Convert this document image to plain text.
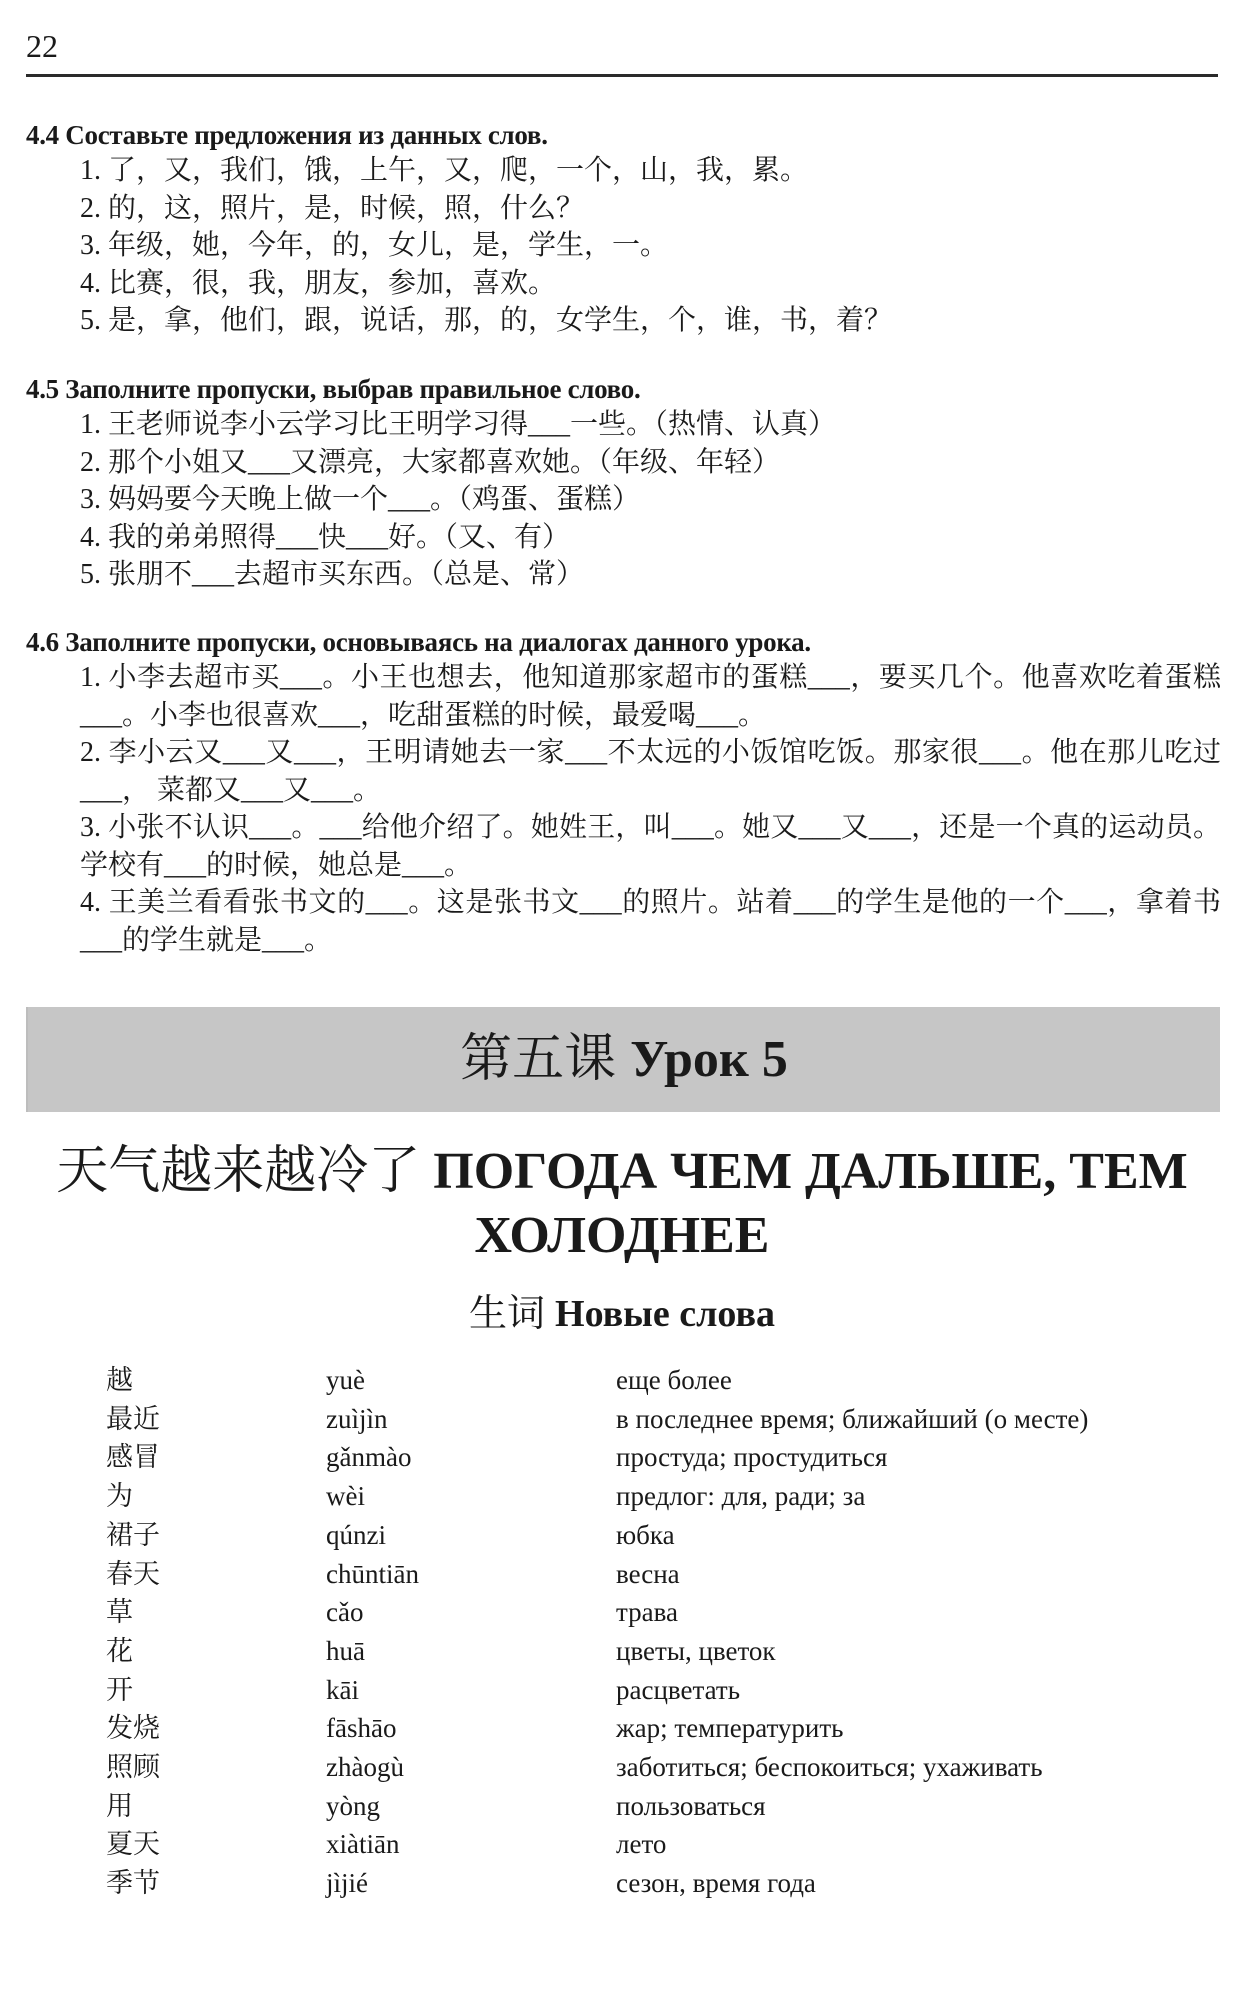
22
4.4 Составьте предложения из данных слов.
1. 了，又，我们，饿，上午，又，爬，一个，山，我，累。
2. 的，这，照片，是，时候，照，什么？
3. 年级，她，今年，的，女儿，是，学生，一。
4. 比赛，很，我，朋友，参加，喜欢。
5. 是，拿，他们，跟，说话，那，的，女学生，个，谁，书，着？
4.5 Заполните пропуски, выбрав правильное слово.
1. 王老师说李小云学习比王明学习得___一些。（热情、认真）
2. 那个小姐又___又漂亮，大家都喜欢她。（年级、年轻）
3. 妈妈要今天晚上做一个___。（鸡蛋、蛋糕）
4. 我的弟弟照得___快___好。（又、有）
5. 张朋不___去超市买东西。（总是、常）
4.6 Заполните пропуски, основываясь на диалогах данного урока.
1. 小李去超市买___。小王也想去，他知道那家超市的蛋糕___，要买几个。他喜欢吃着蛋糕___。小李也很喜欢___，吃甜蛋糕的时候，最爱喝___。
2. 李小云又___又___，王明请她去一家___不太远的小饭馆吃饭。那家很___。他在那儿吃过___， 菜都又___又___。
3. 小张不认识___。___给他介绍了。她姓王，叫___。她又___又___，还是一个真的运动员。学校有___的时候，她总是___。
4. 王美兰看看张书文的___。这是张书文___的照片。站着___的学生是他的一个___，拿着书___的学生就是___。
第五课 Урок 5
天气越来越冷了 ПОГОДА ЧЕМ ДАЛЬШЕ, ТЕМ
ХОЛОДНЕЕ
生词 Новые слова
越	yuè	еще более
最近	zuìjìn	в последнее время; ближайший (о месте)
感冒	gǎnmào	простуда; простудиться
为	wèi	предлог: для, ради; за
裙子	qúnzi	юбка
春天	chūntiān	весна
草	cǎo	трава
花	huā	цветы, цветок
开	kāi	расцветать
发烧	fāshāo	жар; температурить
照顾	zhàogù	заботиться; беспокоиться; ухаживать
用	yòng	пользоваться
夏天	xiàtiān	лето
季节	jìjié	сезон, время года
